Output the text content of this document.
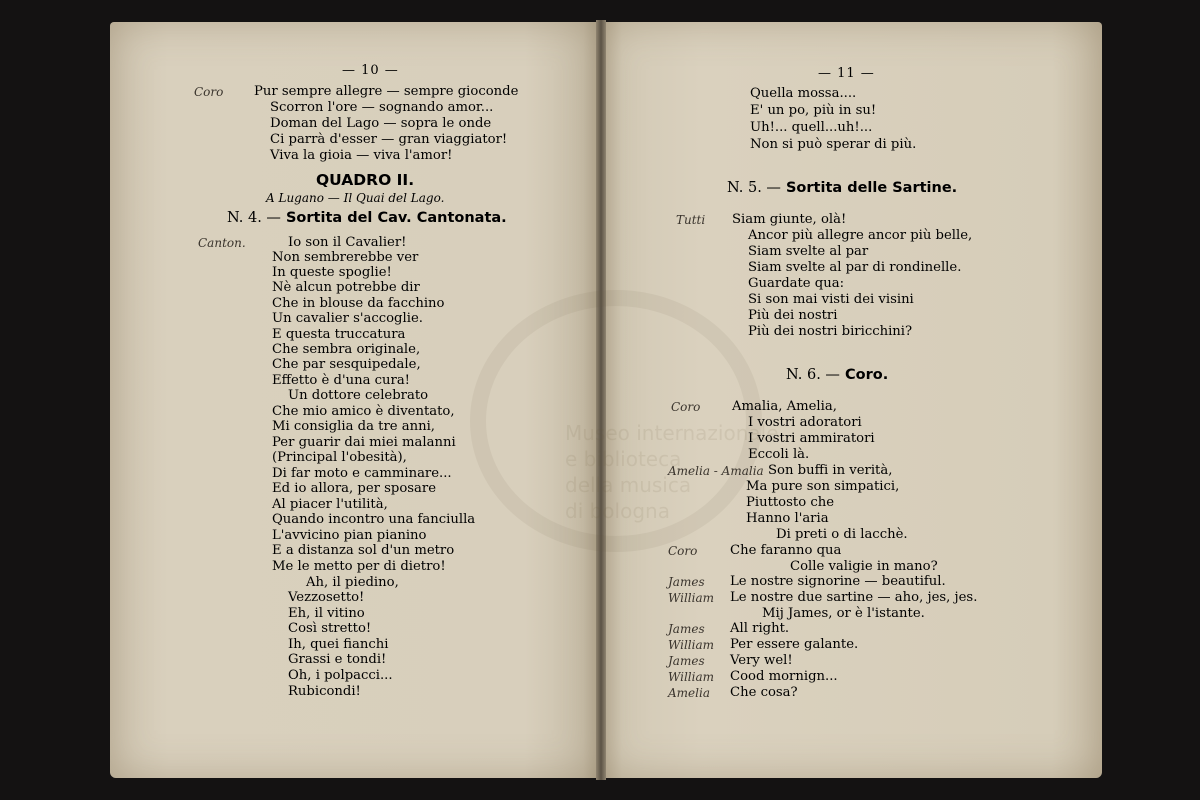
Museo internazionale
e biblioteca
della musica
di bologna
— 10 —
Coro Pur sempre allegre — sempre gioconde
Scorron l'ore — sognando amor...
Doman del Lago — sopra le onde
Ci parrà d'esser — gran viaggiator!
Viva la gioia — viva l'amor!
QUADRO II.
A Lugano — Il Quai del Lago.
N. 4. — Sortita del Cav. Cantonata.
Canton.	Io son il Cavalier!
Non sembrerebbe ver
In queste spoglie!
Nè alcun potrebbe dir
Che in blouse da facchino
Un cavalier s'accoglie.
E questa truccatura
Che sembra originale,
Che par sesquipedale,
Effetto è d'una cura!
Un dottore celebrato
Che mio amico è diventato,
Mi consiglia da tre anni,
Per guarir dai miei malanni
(Principal l'obesità),
Di far moto e camminare...
Ed io allora, per sposare
Al piacer l'utilità,
Quando incontro una fanciulla
L'avvicino pian pianino
E a distanza sol d'un metro
Me le metto per di dietro!
Ah, il piedino,
Vezzosetto!
Eh, il vitino
Così stretto!
Ih, quei fianchi
Grassi e tondi!
Oh, i polpacci...
Rubicondi!
— 11 —
Quella mossa....
E' un po, più in su!
Uh!... quell...uh!...
Non si può sperar di più.
N. 5. — Sortita delle Sartine.
Tutti Siam giunte, olà!
Ancor più allegre ancor più belle,
Siam svelte al par
Siam svelte al par di rondinelle.
Guardate qua:
Si son mai visti dei visini
Più dei nostri
Più dei nostri biricchini?
N. 6. — Coro.
Coro Amalia, Amelia,
I vostri adoratori
I vostri ammiratori
Eccoli là.
Amelia - Amalia Son buffi in verità,
Ma pure son simpatici,
Piuttosto che
Hanno l'aria
Di preti o di lacchè.
Coro Che faranno qua
Colle valigie in mano?
James Le nostre signorine — beautiful.
William Le nostre due sartine — aho, jes, jes.
Mij James, or è l'istante.
James All right.
William Per essere galante.
James Very wel!
William Cood mornign...
Amelia Che cosa?
